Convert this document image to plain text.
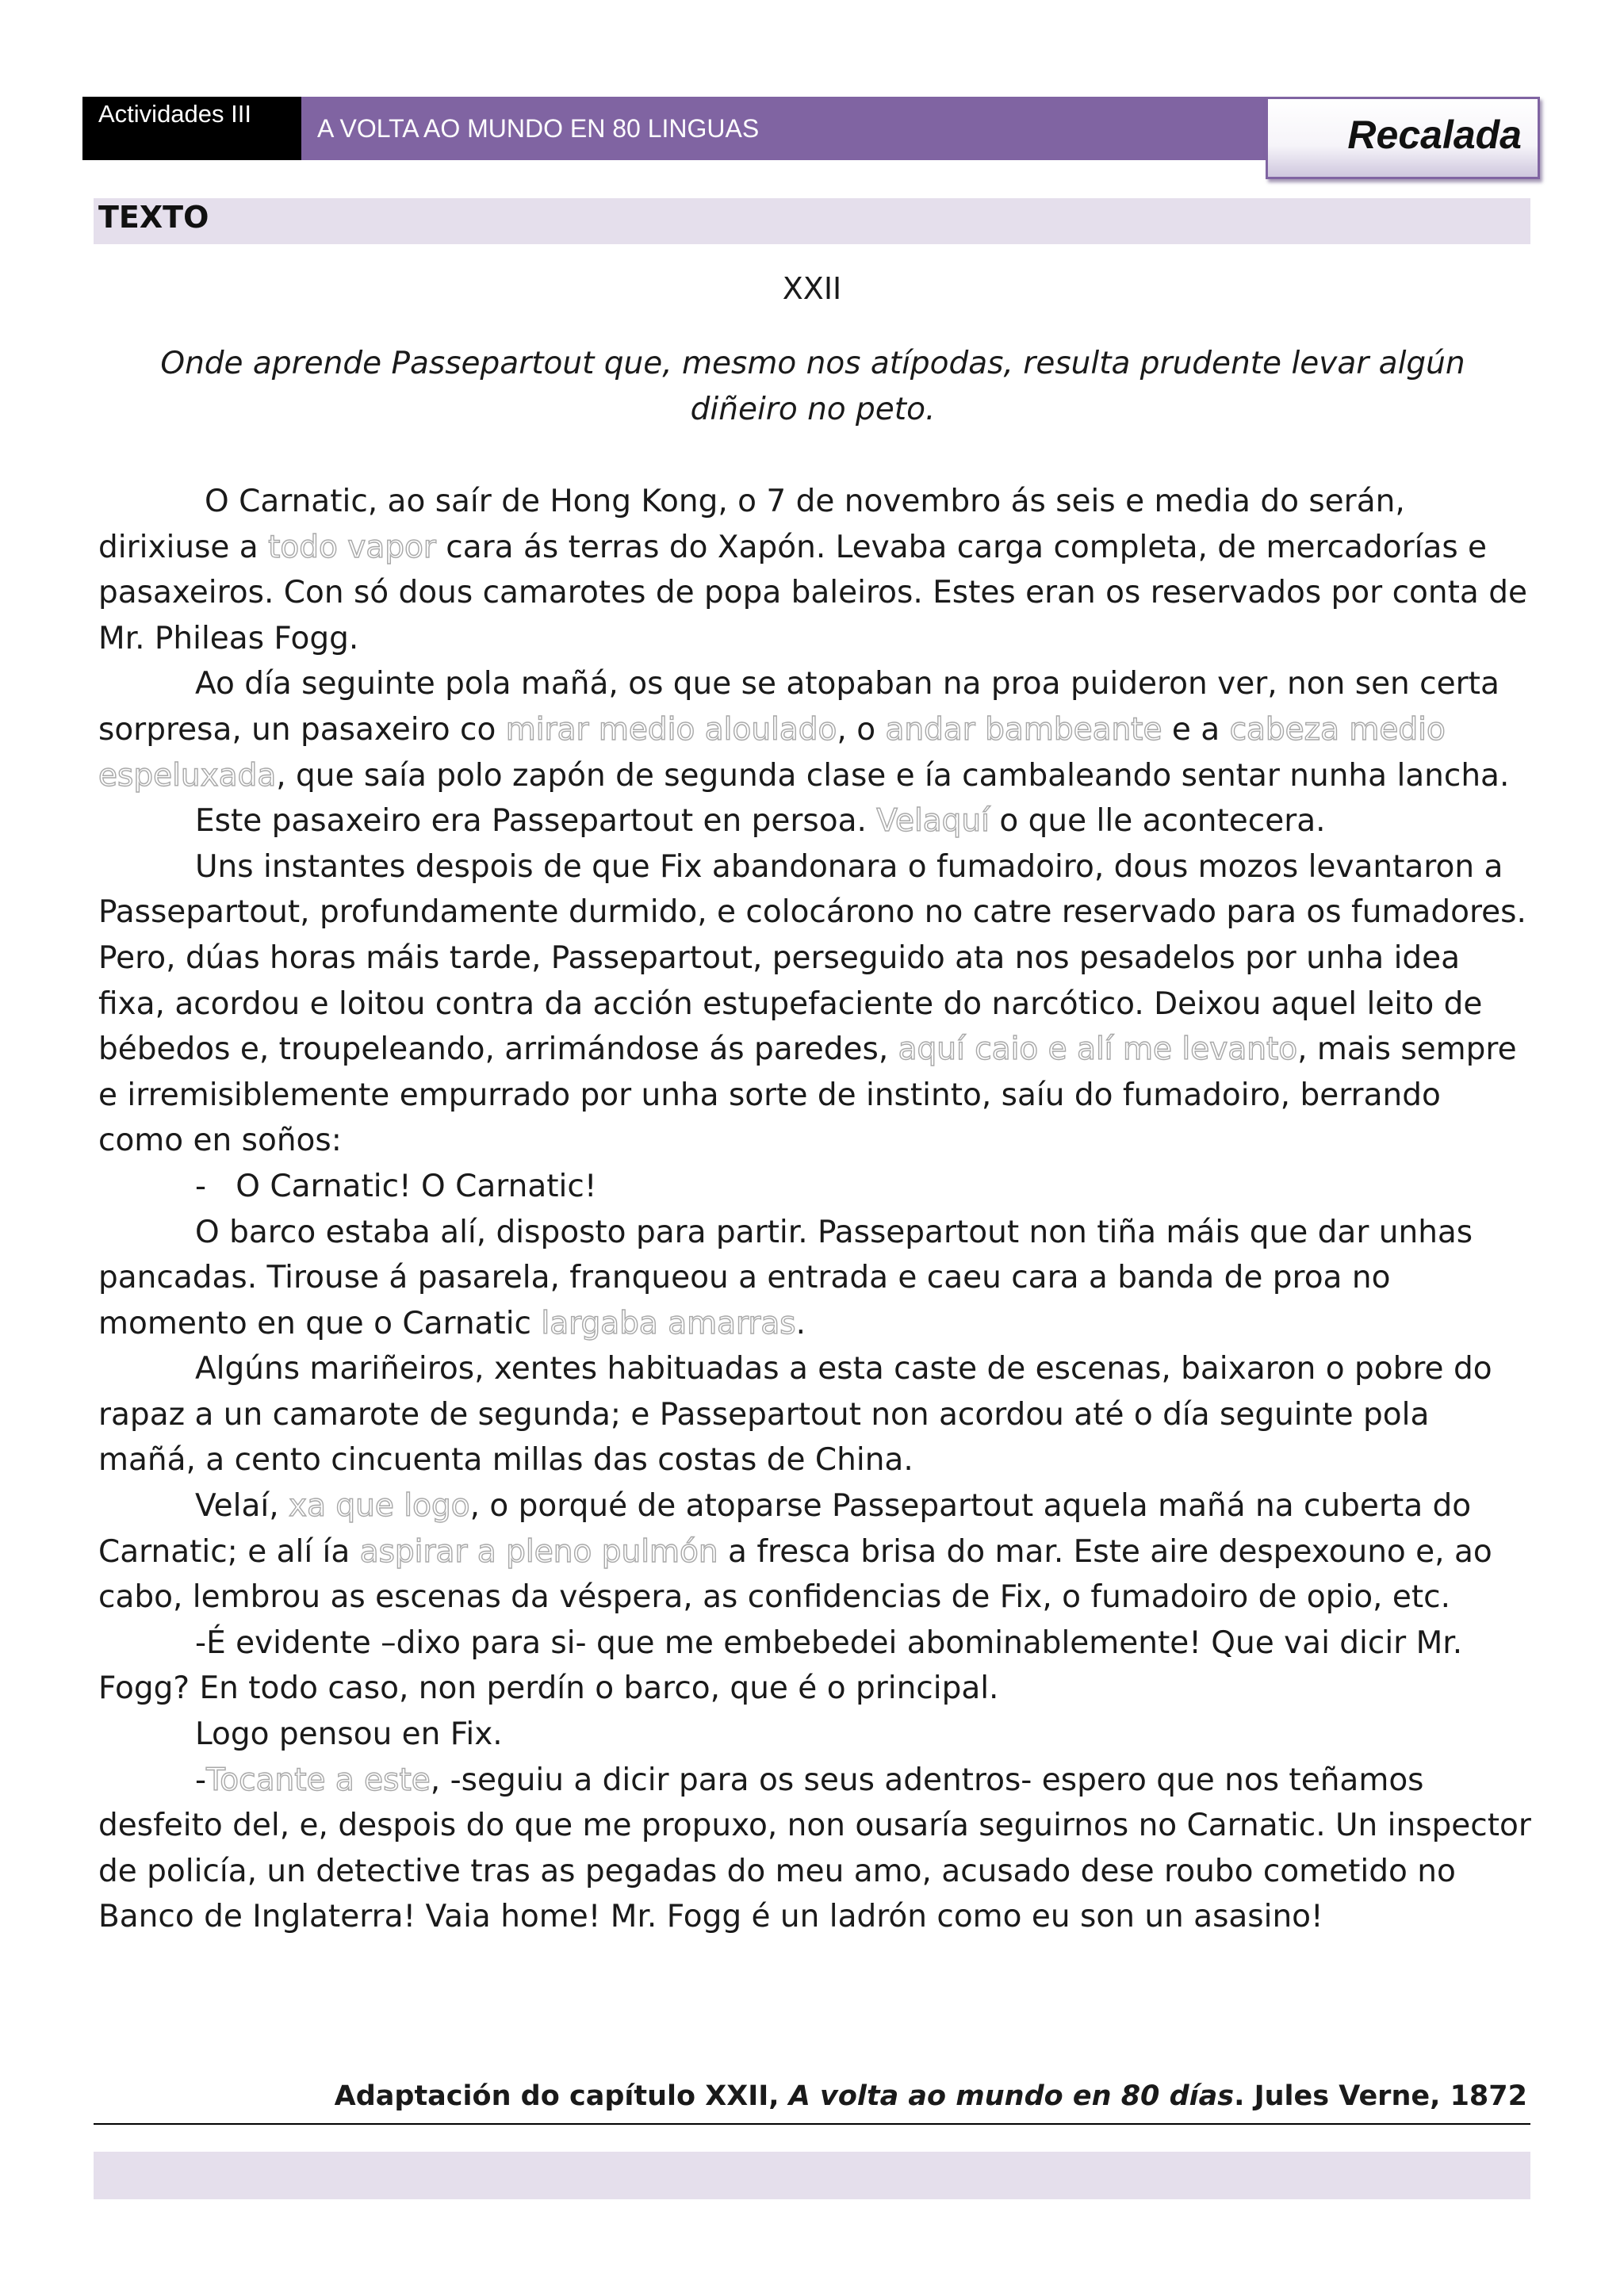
Actividades III
A VOLTA AO MUNDO EN 80 LINGUAS	Recalada
TEXTO
XXII
Onde aprende Passepartout que, mesmo nos atípodas, resulta prudente levar algún diñeiro no peto.

O Carnatic, ao saír de Hong Kong, o 7 de novembro ás seis e media do serán, dirixiuse a todo vapor cara ás terras do Xapón. Levaba carga completa, de mercadorías e pasaxeiros. Con só dous camarotes de popa baleiros. Estes eran os reservados por conta de Mr. Phileas Fogg.

Ao día seguinte pola mañá, os que se atopaban na proa puideron ver, non sen certa sorpresa, un pasaxeiro co mirar medio aloulado, o andar bambeante e a cabeza medio espeluxada, que saía polo zapón de segunda clase e ía cambaleando sentar nunha lancha.

Este pasaxeiro era Passepartout en persoa. Velaquí o que lle acontecera.

Uns instantes despois de que Fix abandonara o fumadoiro, dous mozos levantaron a Passepartout, profundamente durmido, e colocárono no catre reservado para os fumadores. Pero, dúas horas máis tarde, Passepartout, perseguido ata nos pesadelos por unha idea fixa, acordou e loitou contra da acción estupefaciente do narcótico. Deixou aquel leito de bébedos e, troupeleando, arrimándose ás paredes, aquí caio e alí me levanto, mais sempre e irremisiblemente empurrado por unha sorte de instinto, saíu do fumadoiro, berrando como en soños:

-   O Carnatic! O Carnatic!

O barco estaba alí, disposto para partir. Passepartout non tiña máis que dar unhas pancadas. Tirouse á pasarela, franqueou a entrada e caeu cara a banda de proa no momento en que o Carnatic largaba amarras.

Algúns mariñeiros, xentes habituadas a esta caste de escenas, baixaron o pobre do rapaz a un camarote de segunda; e Passepartout non acordou até o día seguinte pola mañá, a cento cincuenta millas das costas de China.

Velaí, xa que logo, o porqué de atoparse Passepartout aquela mañá na cuberta do Carnatic; e alí ía aspirar a pleno pulmón a fresca brisa do mar. Este aire despexouno e, ao cabo, lembrou as escenas da véspera, as confidencias de Fix, o fumadoiro de opio, etc.

-É evidente –dixo para si- que me embebedei abominablemente! Que vai dicir Mr. Fogg? En todo caso, non perdín o barco, que é o principal.

Logo pensou en Fix.

-Tocante a este, -seguiu a dicir para os seus adentros- espero que nos teñamos desfeito del, e, despois do que me propuxo, non ousaría seguirnos no Carnatic. Un inspector de policía, un detective tras as pegadas do meu amo, acusado dese roubo cometido no Banco de Inglaterra! Vaia home! Mr. Fogg é un ladrón como eu son un asasino!

Adaptación do capítulo XXII, A volta ao mundo en 80 días. Jules Verne, 1872
